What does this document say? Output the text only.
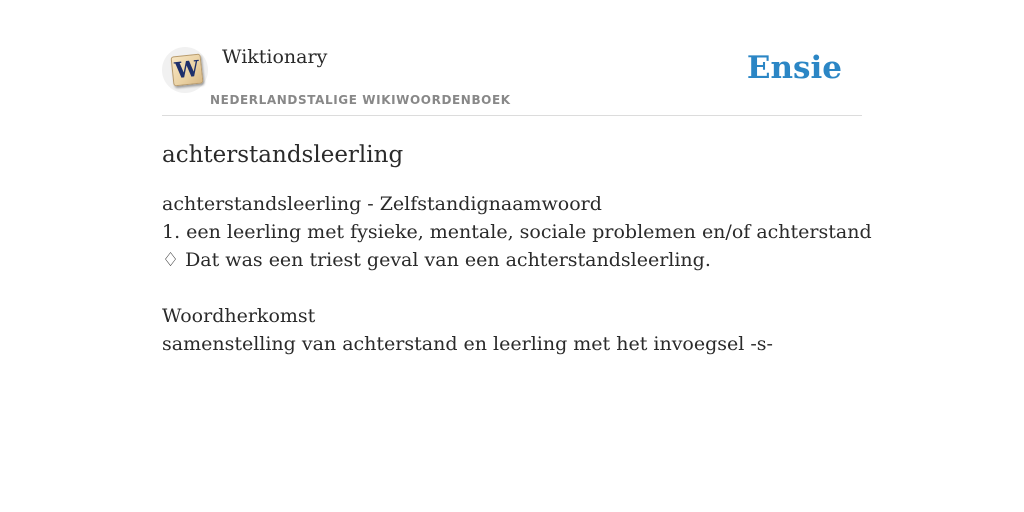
W Wiktionary
NEDERLANDSTALIGE WIKIWOORDENBOEK
Ensie
achterstandsleerling
achterstandsleerling - Zelfstandignaamwoord
1. een leerling met fysieke, mentale, sociale problemen en/of achterstand
♢ Dat was een triest geval van een achterstandsleerling.
Woordherkomst
samenstelling van achterstand en leerling met het invoegsel -s-
